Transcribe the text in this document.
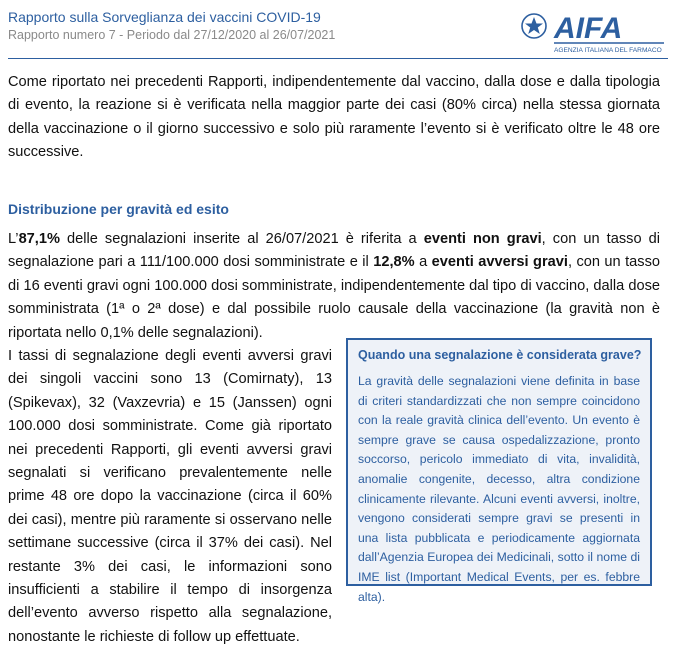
Rapporto sulla Sorveglianza dei vaccini COVID-19
Rapporto numero 7 - Periodo dal 27/12/2020 al 26/07/2021	AIFA
AGENZIA ITALIANA DEL FARMACO

Come riportato nei precedenti Rapporti, indipendentemente dal vaccino, dalla dose e dalla tipologia di evento, la reazione si è verificata nella maggior parte dei casi (80% circa) nella stessa giornata della vaccinazione o il giorno successivo e solo più raramente l’evento si è verificato oltre le 48 ore successive.

Distribuzione per gravità ed esito

L’87,1% delle segnalazioni inserite al 26/07/2021 è riferita a eventi non gravi, con un tasso di segnalazione pari a 111/100.000 dosi somministrate e il 12,8% a eventi avversi gravi, con un tasso di 16 eventi gravi ogni 100.000 dosi somministrate, indipendentemente dal tipo di vaccino, dalla dose somministrata (1ª o 2ª dose) e dal possibile ruolo causale della vaccinazione (la gravità non è riportata nello 0,1% delle segnalazioni).

I tassi di segnalazione degli eventi avversi gravi dei singoli vaccini sono 13 (Comirnaty), 13 (Spikevax), 32 (Vaxzevria) e 15 (Janssen) ogni 100.000 dosi somministrate. Come già riportato nei precedenti Rapporti, gli eventi avversi gravi segnalati si verificano prevalentemente nelle prime 48 ore dopo la vaccinazione (circa il 60% dei casi), mentre più raramente si osservano nelle settimane successive (circa il 37% dei casi). Nel restante 3% dei casi, le informazioni sono insufficienti a stabilire il tempo di insorgenza dell’evento avverso rispetto alla segnalazione, nonostante le richieste di follow up effettuate.

Quando una segnalazione è considerata grave?

La gravità delle segnalazioni viene definita in base di criteri standardizzati che non sempre coincidono con la reale gravità clinica dell’evento. Un evento è sempre grave se causa ospedalizzazione, pronto soccorso, pericolo immediato di vita, invalidità, anomalie congenite, decesso, altra condizione clinicamente rilevante. Alcuni eventi avversi, inoltre, vengono considerati sempre gravi se presenti in una lista pubblicata e periodicamente aggiornata dall’Agenzia Europea dei Medicinali, sotto il nome di IME list (Important Medical Events, per es. febbre alta).
